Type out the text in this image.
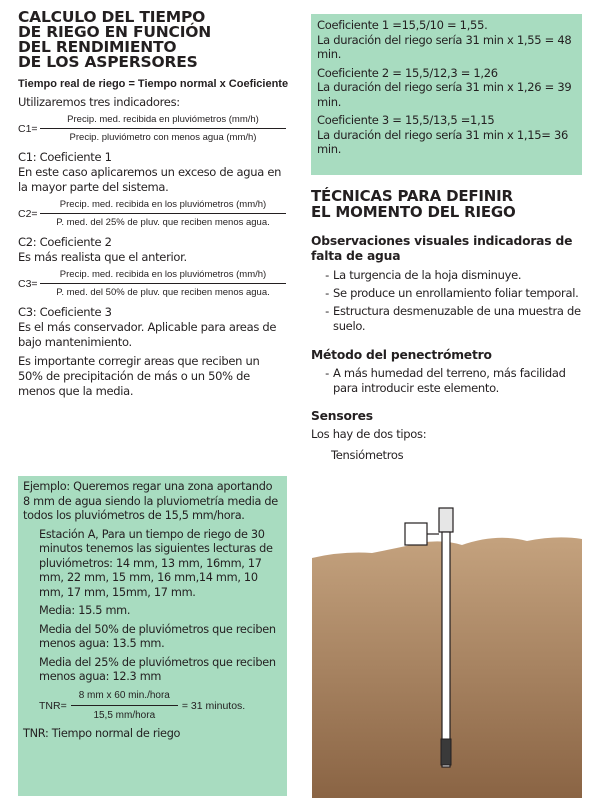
CALCULO DEL TIEMPO
DE RIEGO EN FUNCIÓN
DEL RENDIMIENTO
DE LOS ASPERSORES
Tiempo real de riego = Tiempo normal x Coeficiente
Utilizaremos tres indicadores:
$C1= \frac{\text{Precip. med. recibida en pluviómetros (mm/h)}}{\text{Precip. pluviómetro con menos agua (mm/h)}}$
C1: Coeficiente 1
En este caso aplicaremos un exceso de agua en la mayor parte del sistema.
$C2= \frac{\text{Precip. med. recibida en los pluviómetros (mm/h)}}{\text{P. med. del 25\% de pluv. que reciben menos agua.}}$
C2: Coeficiente 2
Es más realista que el anterior.
$C3= \frac{\text{Precip. med. recibida en los pluviómetros (mm/h)}}{\text{P. med. del 50\% de pluv. que reciben menos agua.}}$
C3: Coeficiente 3
Es el más conservador. Aplicable para areas de bajo mantenimiento.
Es importante corregir areas que reciben un 50% de precipitación de más o un 50% de menos que la media.
Ejemplo: Queremos regar una zona aportando 8 mm de agua siendo la pluviometría media de todos los pluviómetros de 15,5 mm/hora.
Estación A, Para un tiempo de riego de 30 minutos tenemos las siguientes lecturas de pluviómetros: 14 mm, 13 mm, 16mm, 17 mm, 22 mm, 15 mm, 16 mm,14 mm, 10 mm, 17 mm, 15mm, 17 mm.
Media: 15.5 mm.
Media del 50% de pluviómetros que reciben menos agua: 13.5 mm.
Media del 25% de pluviómetros que reciben menos agua: 12.3 mm
$TNR= \frac{\text{8 mm x 60 min./hora}}{\text{15,5 mm/hora}} = 31$ minutos.
TNR: Tiempo normal de riego
Coeficiente 1 =15,5/10 = 1,55.
La duración del riego sería 31 min x 1,55 = 48 min.
Coeficiente 2 = 15,5/12,3 = 1,26
La duración del riego sería 31 min x 1,26 = 39 min.
Coeficiente 3 = 15,5/13,5 =1,15
La duración del riego sería 31 min x 1,15= 36 min.
TÉCNICAS PARA DEFINIR
EL MOMENTO DEL RIEGO
Observaciones visuales indicadoras de falta de agua
- La turgencia de la hoja disminuye.
- Se produce un enrollamiento foliar temporal.
- Estructura desmenuzable de una muestra de suelo.
Método del penectrómetro
- A más humedad del terreno, más facilidad para introducir este elemento.
Sensores
Los hay de dos tipos:
Tensiómetros
